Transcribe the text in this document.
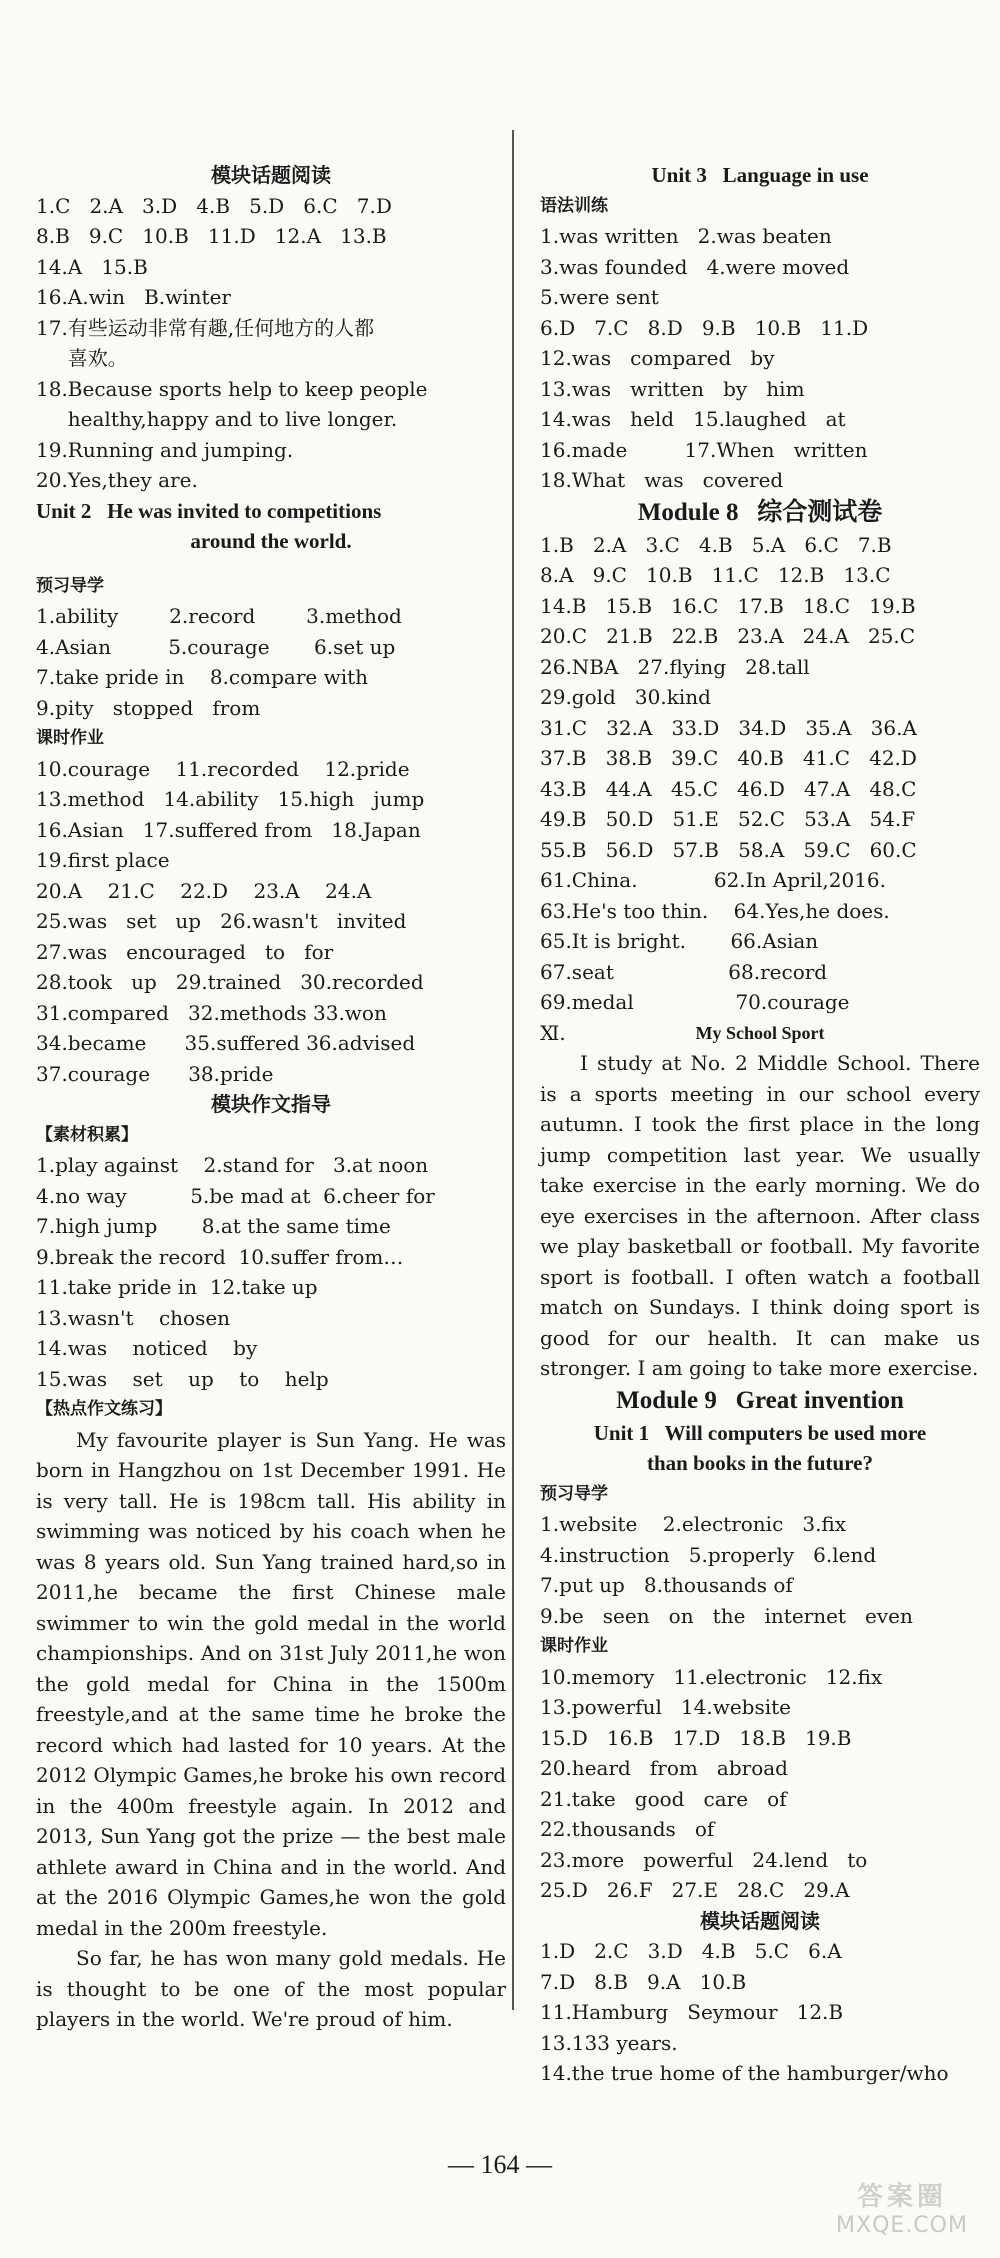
模块话题阅读
1.C   2.A   3.D   4.B   5.D   6.C   7.D
8.B   9.C   10.B   11.D   12.A   13.B
14.A   15.B
16.A.win   B.winter
17.有些运动非常有趣,任何地方的人都
喜欢。
18.Because sports help to keep people
healthy,happy and to live longer.
19.Running and jumping.
20.Yes,they are.
Unit 2   He was invited to competitions
around the world.
预习导学
1.ability        2.record        3.method
4.Asian         5.courage       6.set up
7.take pride in    8.compare with
9.pity   stopped   from
课时作业
10.courage    11.recorded    12.pride
13.method   14.ability   15.high   jump
16.Asian   17.suffered from   18.Japan
19.first place
20.A    21.C    22.D    23.A    24.A
25.was   set   up   26.wasn't   invited
27.was   encouraged   to   for
28.took   up   29.trained   30.recorded
31.compared   32.methods 33.won
34.became      35.suffered 36.advised
37.courage      38.pride
模块作文指导
【素材积累】
1.play against    2.stand for   3.at noon
4.no way          5.be mad at  6.cheer for
7.high jump       8.at the same time
9.break the record  10.suffer from…
11.take pride in  12.take up
13.wasn't    chosen
14.was    noticed    by
15.was    set    up    to    help
【热点作文练习】
My favourite player is Sun Yang. He was born in Hangzhou on 1st December 1991. He is very tall. He is 198cm tall. His ability in swimming was noticed by his coach when he was 8 years old. Sun Yang trained hard,so in 2011,he became the first Chinese male swimmer to win the gold medal in the world championships. And on 31st July 2011,he won the gold medal for China in the 1500m freestyle,and at the same time he broke the record which had lasted for 10 years. At the 2012 Olympic Games,he broke his own record in the 400m freestyle again. In 2012 and 2013, Sun Yang got the prize — the best male athlete award in China and in the world. And at the 2016 Olympic Games,he won the gold medal in the 200m freestyle.
So far, he has won many gold medals. He is thought to be one of the most popular players in the world. We're proud of him.
Unit 3   Language in use
语法训练
1.was written   2.was beaten
3.was founded   4.were moved
5.were sent
6.D   7.C   8.D   9.B   10.B   11.D
12.was   compared   by
13.was   written   by   him
14.was   held   15.laughed   at
16.made         17.When   written
18.What   was   covered
Module 8   综合测试卷
1.B   2.A   3.C   4.B   5.A   6.C   7.B
8.A   9.C   10.B   11.C   12.B   13.C
14.B   15.B   16.C   17.B   18.C   19.B
20.C   21.B   22.B   23.A   24.A   25.C
26.NBA   27.flying   28.tall
29.gold   30.kind
31.C   32.A   33.D   34.D   35.A   36.A
37.B   38.B   39.C   40.B   41.C   42.D
43.B   44.A   45.C   46.D   47.A   48.C
49.B   50.D   51.E   52.C   53.A   54.F
55.B   56.D   57.B   58.A   59.C   60.C
61.China.            62.In April,2016.
63.He's too thin.    64.Yes,he does.
65.It is bright.       66.Asian
67.seat                  68.record
69.medal                70.courage
Ⅺ.	My School Sport
I study at No. 2 Middle School. There is a sports meeting in our school every autumn. I took the first place in the long jump competition last year. We usually take exercise in the early morning. We do eye exercises in the afternoon. After class we play basketball or football. My favorite sport is football. I often watch a football match on Sundays. I think doing sport is good for our health. It can make us stronger. I am going to take more exercise.
Module 9   Great invention
Unit 1   Will computers be used more
than books in the future?
预习导学
1.website    2.electronic   3.fix
4.instruction   5.properly   6.lend
7.put up   8.thousands of
9.be   seen   on   the   internet   even
课时作业
10.memory   11.electronic   12.fix
13.powerful   14.website
15.D   16.B   17.D   18.B   19.B
20.heard   from   abroad
21.take   good   care   of
22.thousands   of
23.more   powerful   24.lend   to
25.D   26.F   27.E   28.C   29.A
模块话题阅读
1.D   2.C   3.D   4.B   5.C   6.A
7.D   8.B   9.A   10.B
11.Hamburg   Seymour   12.B
13.133 years.
14.the true home of the hamburger/who
— 164 —
答案圈
MXQE.COM
